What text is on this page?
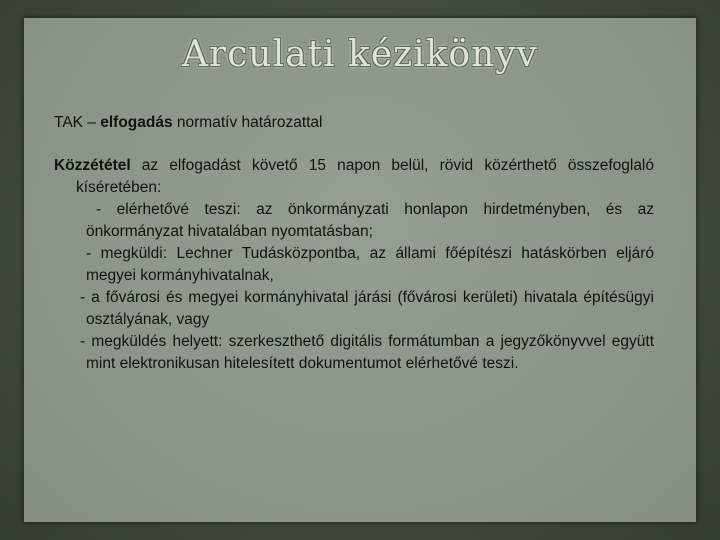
Arculati kézikönyv
TAK – elfogadás normatív határozattal
Közzététel az elfogadást követő 15 napon belül, rövid közérthető összefoglaló kíséretében:
- elérhetővé teszi: az önkormányzati honlapon hirdetményben, és az önkormányzat hivatalában nyomtatásban;
- megküldi: Lechner Tudásközpontba, az állami főépítészi hatáskörben eljáró megyei kormányhivatalnak,
- a fővárosi és megyei kormányhivatal járási (fővárosi kerületi) hivatala építésügyi osztályának, vagy
- megküldés helyett: szerkeszthető digitális formátumban a jegyzőkönyvvel együtt mint elektronikusan hitelesített dokumentumot elérhetővé teszi.
